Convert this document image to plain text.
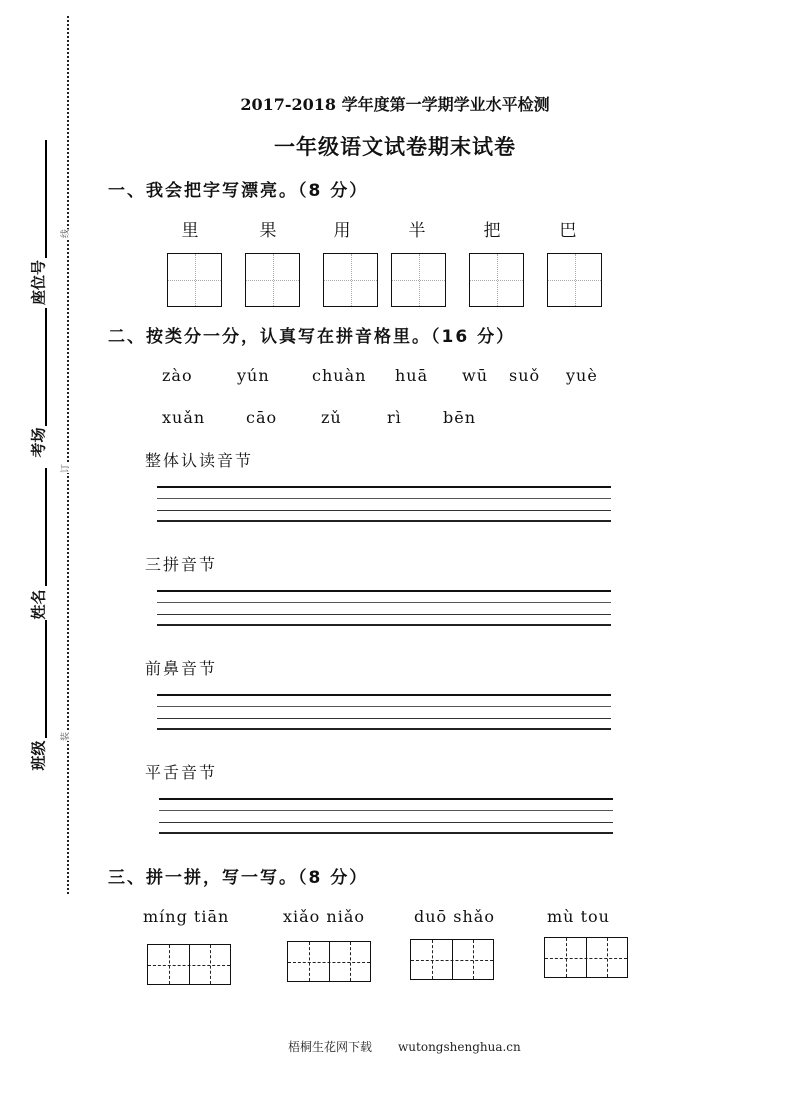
座位号
考场
姓名
班级
线
订
装
2017-2018 学年度第一学期学业水平检测
一年级语文试卷期末试卷
一、我会把字写漂亮。（8 分）
里	果	用	半	把	巴
二、按类分一分，认真写在拼音格里。（16 分）
zào	yún	chuàn huā wū suǒ yuè
xuǎn	cāo	zǔ	rì	bēn
整体认读音节
三拼音节
前鼻音节
平舌音节
三、拼一拼，写一写。（8 分）
míng tiān	xiǎo niǎo	duō shǎo	mù tou
梧桐生花网下载 wutongshenghua.cn
